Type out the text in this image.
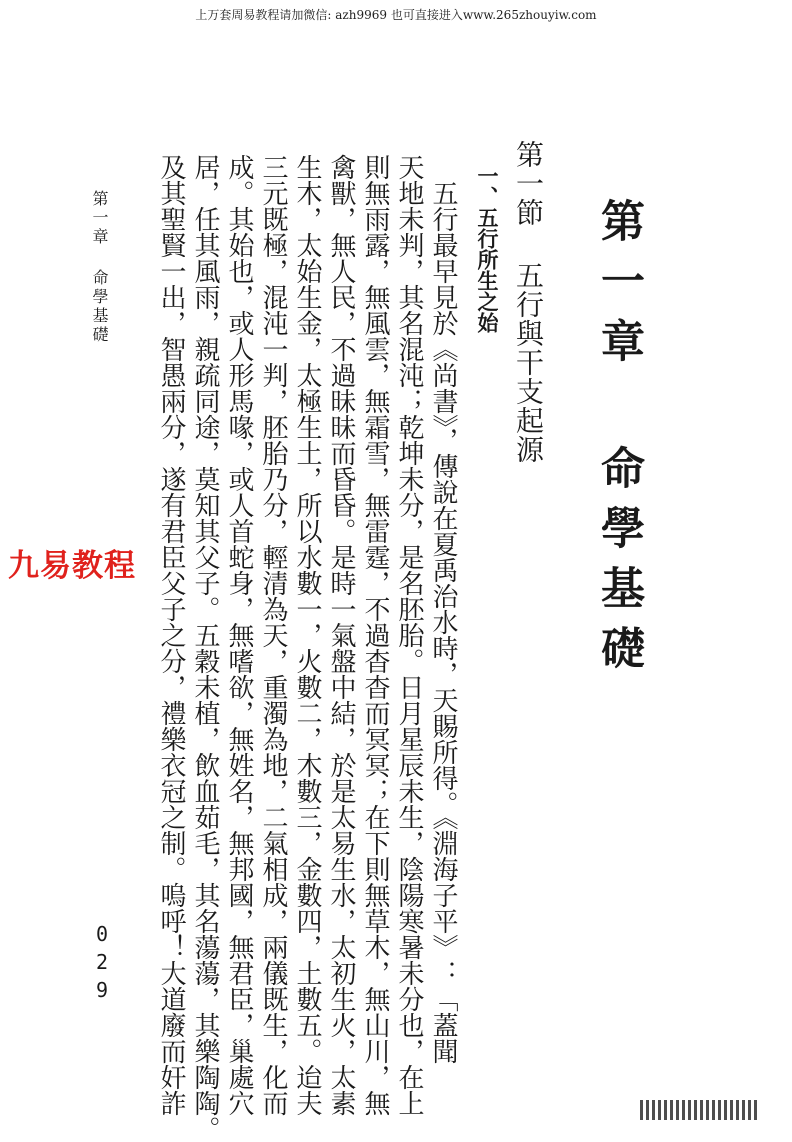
上万套周易教程请加微信: azh9969 也可直接进入www.265zhouyiw.com
第一章 命學基礎
第一節 五行與干支起源
一、五行所生之始
五行最早見於《尚書》，傳說在夏禹治水時，天賜所得。《淵海子平》：「蓋聞
天地未判，其名混沌；乾坤未分，是名胚胎。日月星辰未生，陰陽寒暑未分也，在上
則無雨露，無風雲，無霜雪，無雷霆，不過杳杳而冥冥；在下則無草木，無山川，無
禽獸，無人民，不過昧昧而昏昏。是時一氣盤中結，於是太易生水，太初生火，太素
生木，太始生金，太極生土，所以水數一，火數二，木數三，金數四，土數五。迨夫
三元既極，混沌一判，胚胎乃分，輕清為天，重濁為地，二氣相成，兩儀既生，化而
成。其始也，或人形馬喙，或人首蛇身，無嗜欲，無姓名，無邦國，無君臣，巢處穴
居，任其風雨，親疏同途，莫知其父子。五穀未植，飲血茹毛，其名蕩蕩，其樂陶陶。
及其聖賢一出，智愚兩分，遂有君臣父子之分，禮樂衣冠之制。嗚呼！大道廢而奸詐
第一章 命學基礎
029
九易教程
